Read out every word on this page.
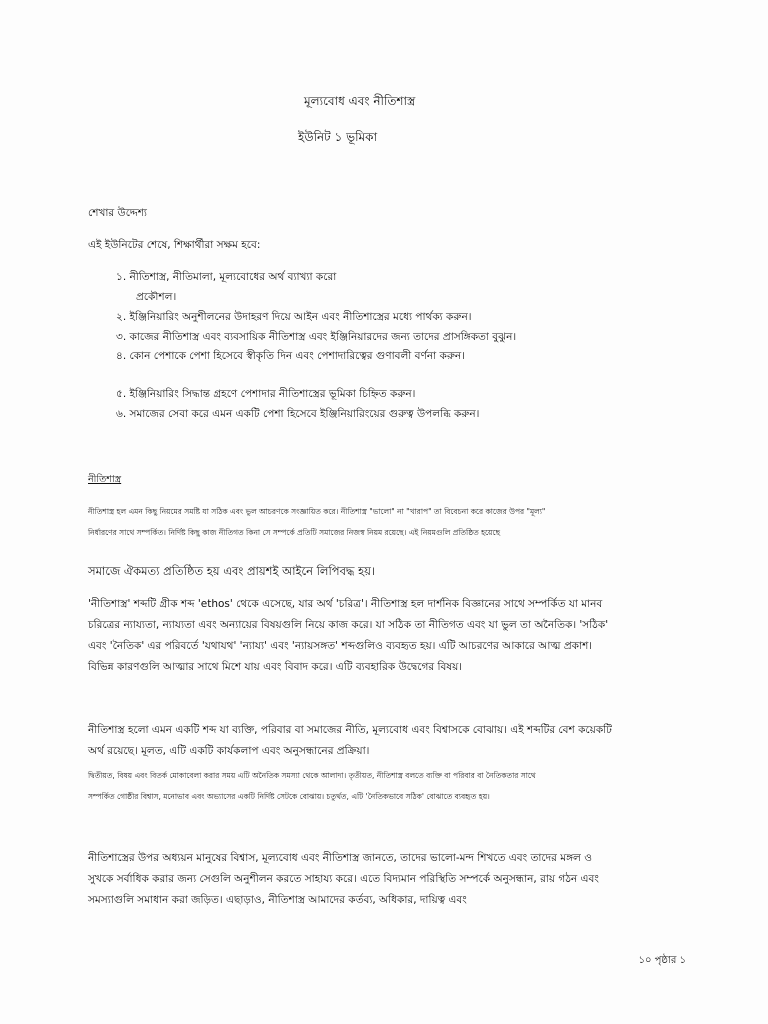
মূল্যবোধ এবং নীতিশাস্ত্র
ইউনিট ১ ভূমিকা
শেখার উদ্দেশ্য
এই ইউনিটের শেষে, শিক্ষার্থীরা সক্ষম হবে:
১. নীতিশাস্ত্র, নীতিমালা, মূল্যবোধের অর্থ ব্যাখ্যা করো
প্রকৌশল।
২. ইঞ্জিনিয়ারিং অনুশীলনের উদাহরণ দিয়ে আইন এবং নীতিশাস্ত্রের মধ্যে পার্থক্য করুন।
৩. কাজের নীতিশাস্ত্র এবং ব্যবসায়িক নীতিশাস্ত্র এবং ইঞ্জিনিয়ারদের জন্য তাদের প্রাসঙ্গিকতা বুঝুন।
৪. কোন পেশাকে পেশা হিসেবে স্বীকৃতি দিন এবং পেশাদারিত্বের গুণাবলী বর্ণনা করুন।
৫. ইঞ্জিনিয়ারিং সিদ্ধান্ত গ্রহণে পেশাদার নীতিশাস্ত্রের ভূমিকা চিহ্নিত করুন।
৬. সমাজের সেবা করে এমন একটি পেশা হিসেবে ইঞ্জিনিয়ারিংয়ের গুরুত্ব উপলব্ধি করুন।
নীতিশাস্ত্র
নীতিশাস্ত্র হল এমন কিছু নিয়মের সমষ্টি যা সঠিক এবং ভুল আচরণকে সংজ্ঞায়িত করে। নীতিশাস্ত্র "ভালো" না "খারাপ" তা বিবেচনা করে কাজের উপর "মূল্য"
নির্ধারণের সাথে সম্পর্কিত। নির্দিষ্ট কিছু কাজ নীতিগত কিনা সে সম্পর্কে প্রতিটি সমাজের নিজস্ব নিয়ম রয়েছে। এই নিয়মগুলি প্রতিষ্ঠিত হয়েছে
সমাজে ঐকমত্য প্রতিষ্ঠিত হয় এবং প্রায়শই আইনে লিপিবদ্ধ হয়।
'নীতিশাস্ত্র' শব্দটি গ্রীক শব্দ 'ethos' থেকে এসেছে, যার অর্থ 'চরিত্র'। নীতিশাস্ত্র হল দার্শনিক বিজ্ঞানের সাথে সম্পর্কিত যা মানব
চরিত্রের ন্যায্যতা, ন্যায্যতা এবং অন্যায়ের বিষয়গুলি নিয়ে কাজ করে। যা সঠিক তা নীতিগত এবং যা ভুল তা অনৈতিক। 'সঠিক'
এবং 'নৈতিক' এর পরিবর্তে 'যথাযথ' 'ন্যায্য' এবং 'ন্যায়সঙ্গত' শব্দগুলিও ব্যবহৃত হয়। এটি আচরণের আকারে আত্ম প্রকাশ।
বিভিন্ন কারণগুলি আত্মার সাথে মিশে যায় এবং বিবাদ করে। এটি ব্যবহারিক উদ্বেগের বিষয়।
নীতিশাস্ত্র হলো এমন একটি শব্দ যা ব্যক্তি, পরিবার বা সমাজের নীতি, মূল্যবোধ এবং বিশ্বাসকে বোঝায়। এই শব্দটির বেশ কয়েকটি
অর্থ রয়েছে। মূলত, এটি একটি কার্যকলাপ এবং অনুসন্ধানের প্রক্রিয়া।
দ্বিতীয়ত, বিষয় এবং বিতর্ক মোকাবেলা করার সময় এটি অনৈতিক সমস্যা থেকে আলাদা। তৃতীয়ত, নীতিশাস্ত্র বলতে ব্যক্তি বা পরিবার বা নৈতিকতার সাথে
সম্পর্কিত গোষ্ঠীর বিশ্বাস, মনোভাব এবং অভ্যাসের একটি নির্দিষ্ট সেটকে বোঝায়। চতুর্থত, এটি 'নৈতিকভাবে সঠিক' বোঝাতে ব্যবহৃত হয়।
নীতিশাস্ত্রের উপর অধ্যয়ন মানুষের বিশ্বাস, মূল্যবোধ এবং নীতিশাস্ত্র জানতে, তাদের ভালো-মন্দ শিখতে এবং তাদের মঙ্গল ও
সুখকে সর্বাধিক করার জন্য সেগুলি অনুশীলন করতে সাহায্য করে। এতে বিদ্যমান পরিস্থিতি সম্পর্কে অনুসন্ধান, রায় গঠন এবং
সমস্যাগুলি সমাধান করা জড়িত। এছাড়াও, নীতিশাস্ত্র আমাদের কর্তব্য, অধিকার, দায়িত্ব এবং
১০ পৃষ্ঠার ১
